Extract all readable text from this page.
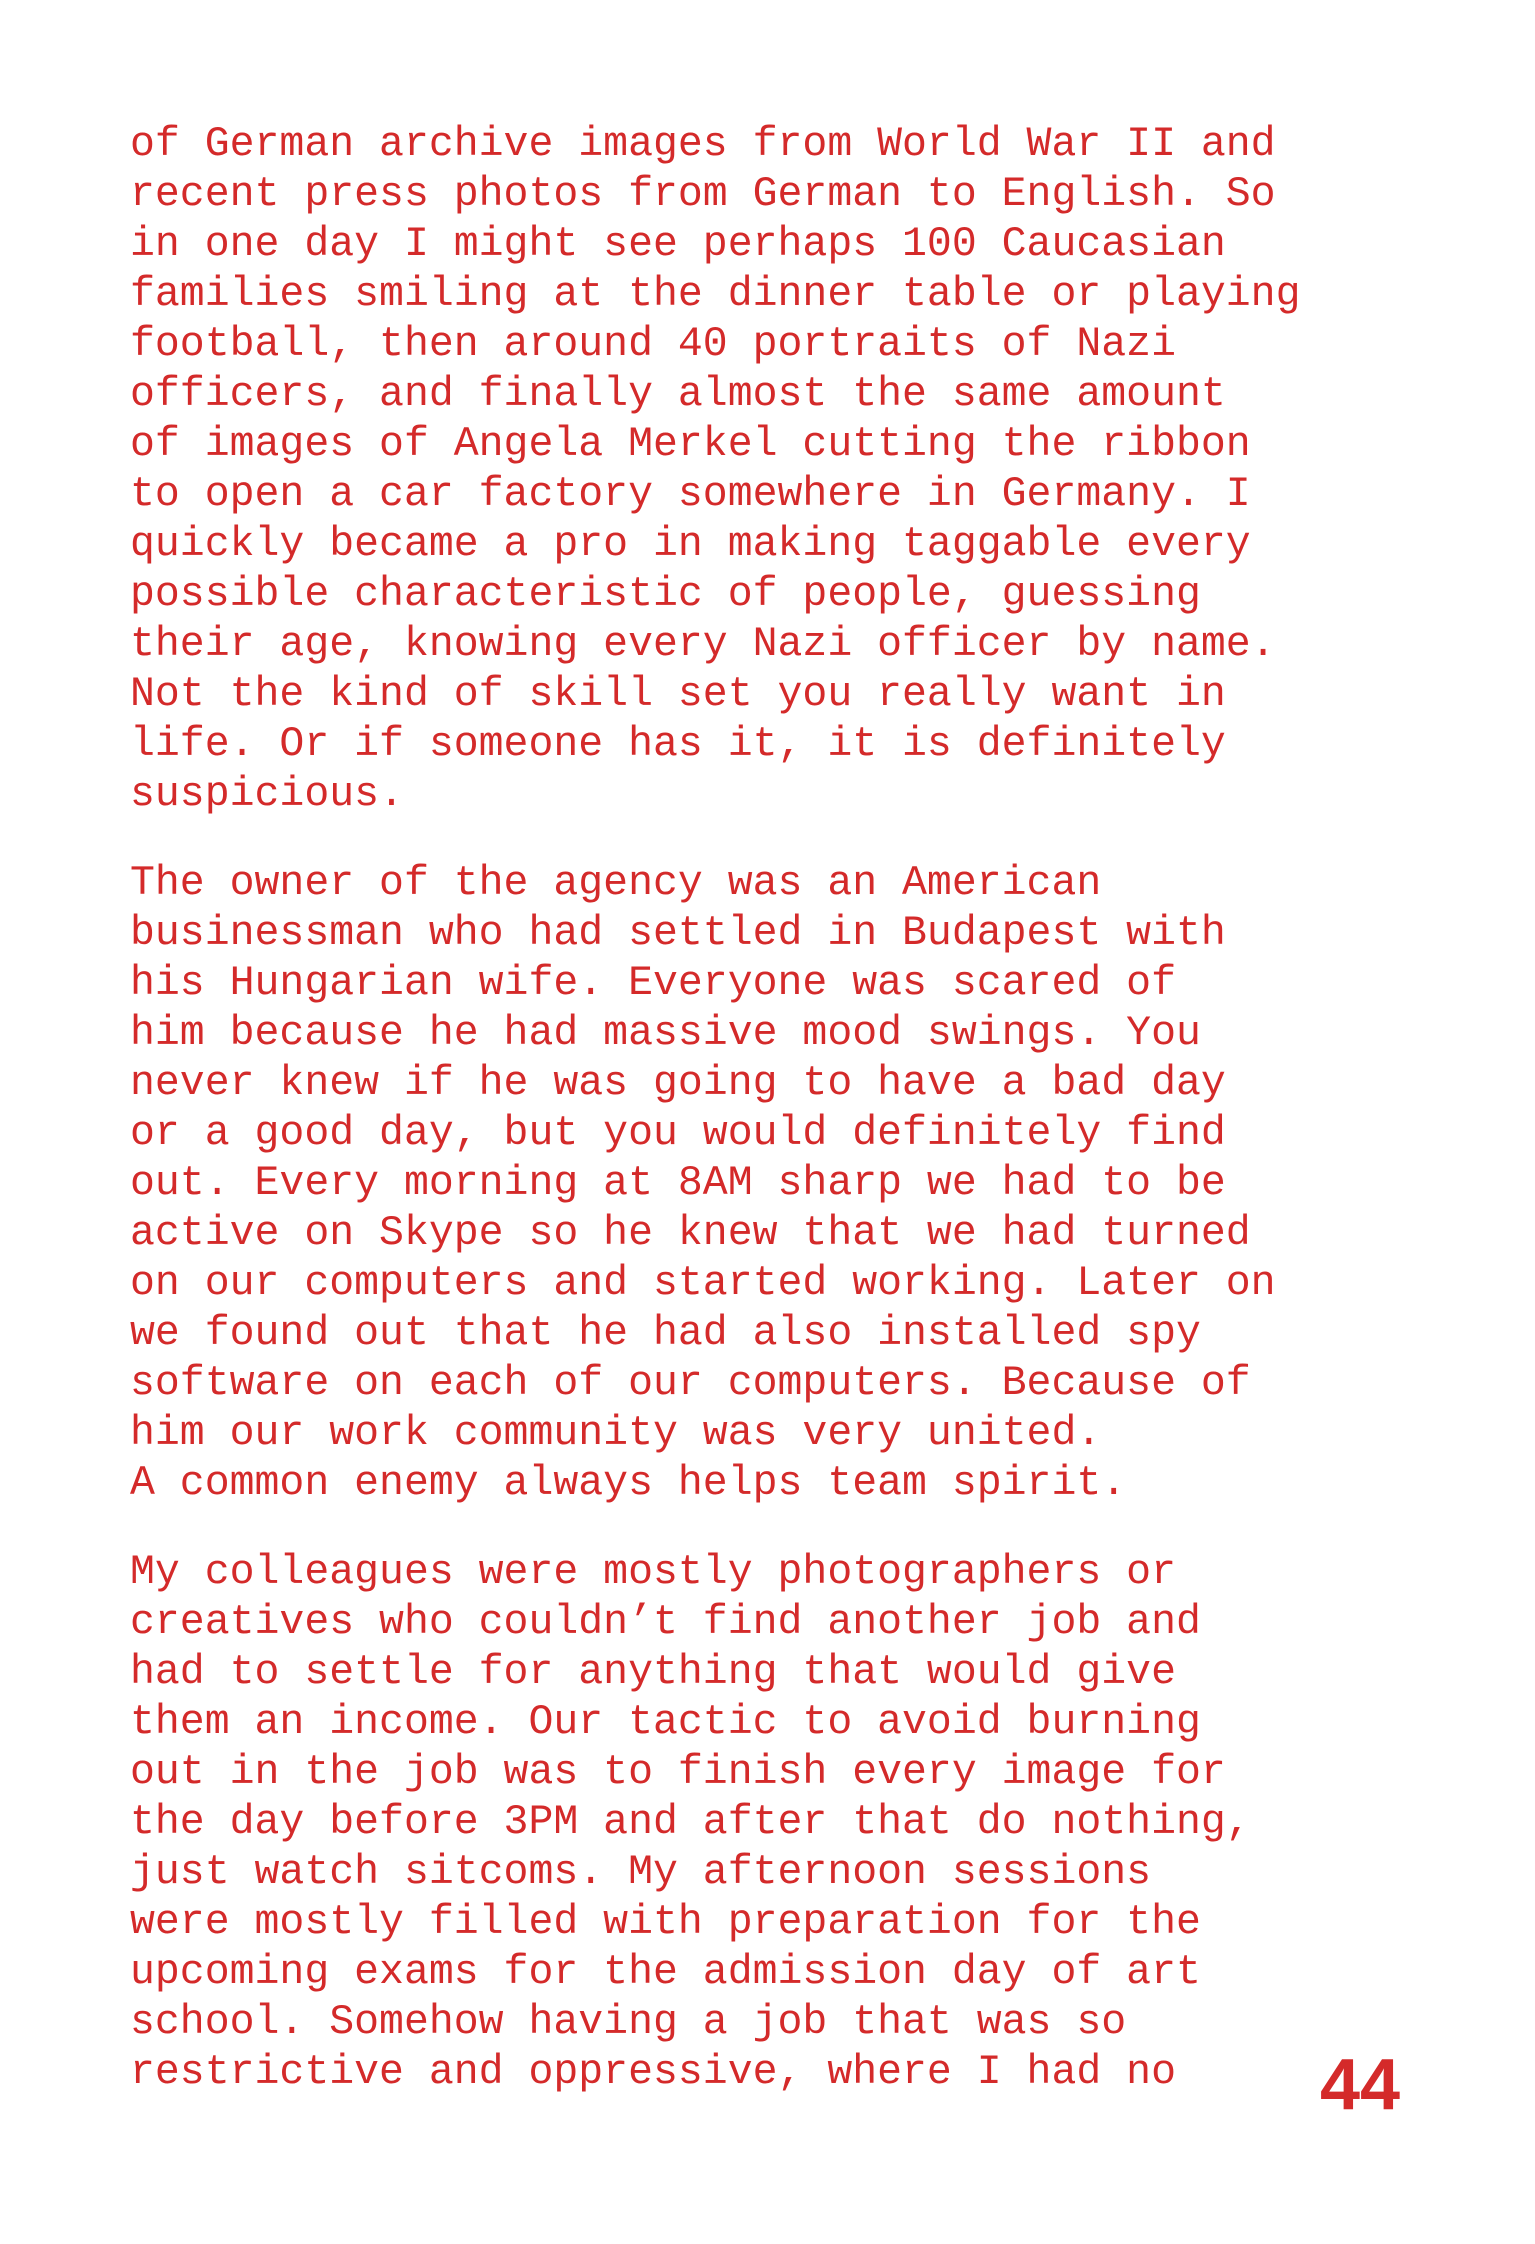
of German archive images from World War II and
recent press photos from German to English. So
in one day I might see perhaps 100 Caucasian
families smiling at the dinner table or playing
football, then around 40 portraits of Nazi
officers, and finally almost the same amount
of images of Angela Merkel cutting the ribbon
to open a car factory somewhere in Germany. I
quickly became a pro in making taggable every
possible characteristic of people, guessing
their age, knowing every Nazi officer by name.
Not the kind of skill set you really want in
life. Or if someone has it, it is definitely
suspicious.

The owner of the agency was an American
businessman who had settled in Budapest with
his Hungarian wife. Everyone was scared of
him because he had massive mood swings. You
never knew if he was going to have a bad day
or a good day, but you would definitely find
out. Every morning at 8AM sharp we had to be
active on Skype so he knew that we had turned
on our computers and started working. Later on
we found out that he had also installed spy
software on each of our computers. Because of
him our work community was very united.
A common enemy always helps team spirit.

My colleagues were mostly photographers or
creatives who couldn’t find another job and
had to settle for anything that would give
them an income. Our tactic to avoid burning
out in the job was to finish every image for
the day before 3PM and after that do nothing,
just watch sitcoms. My afternoon sessions
were mostly filled with preparation for the
upcoming exams for the admission day of art
school. Somehow having a job that was so
restrictive and oppressive, where I had no	44
